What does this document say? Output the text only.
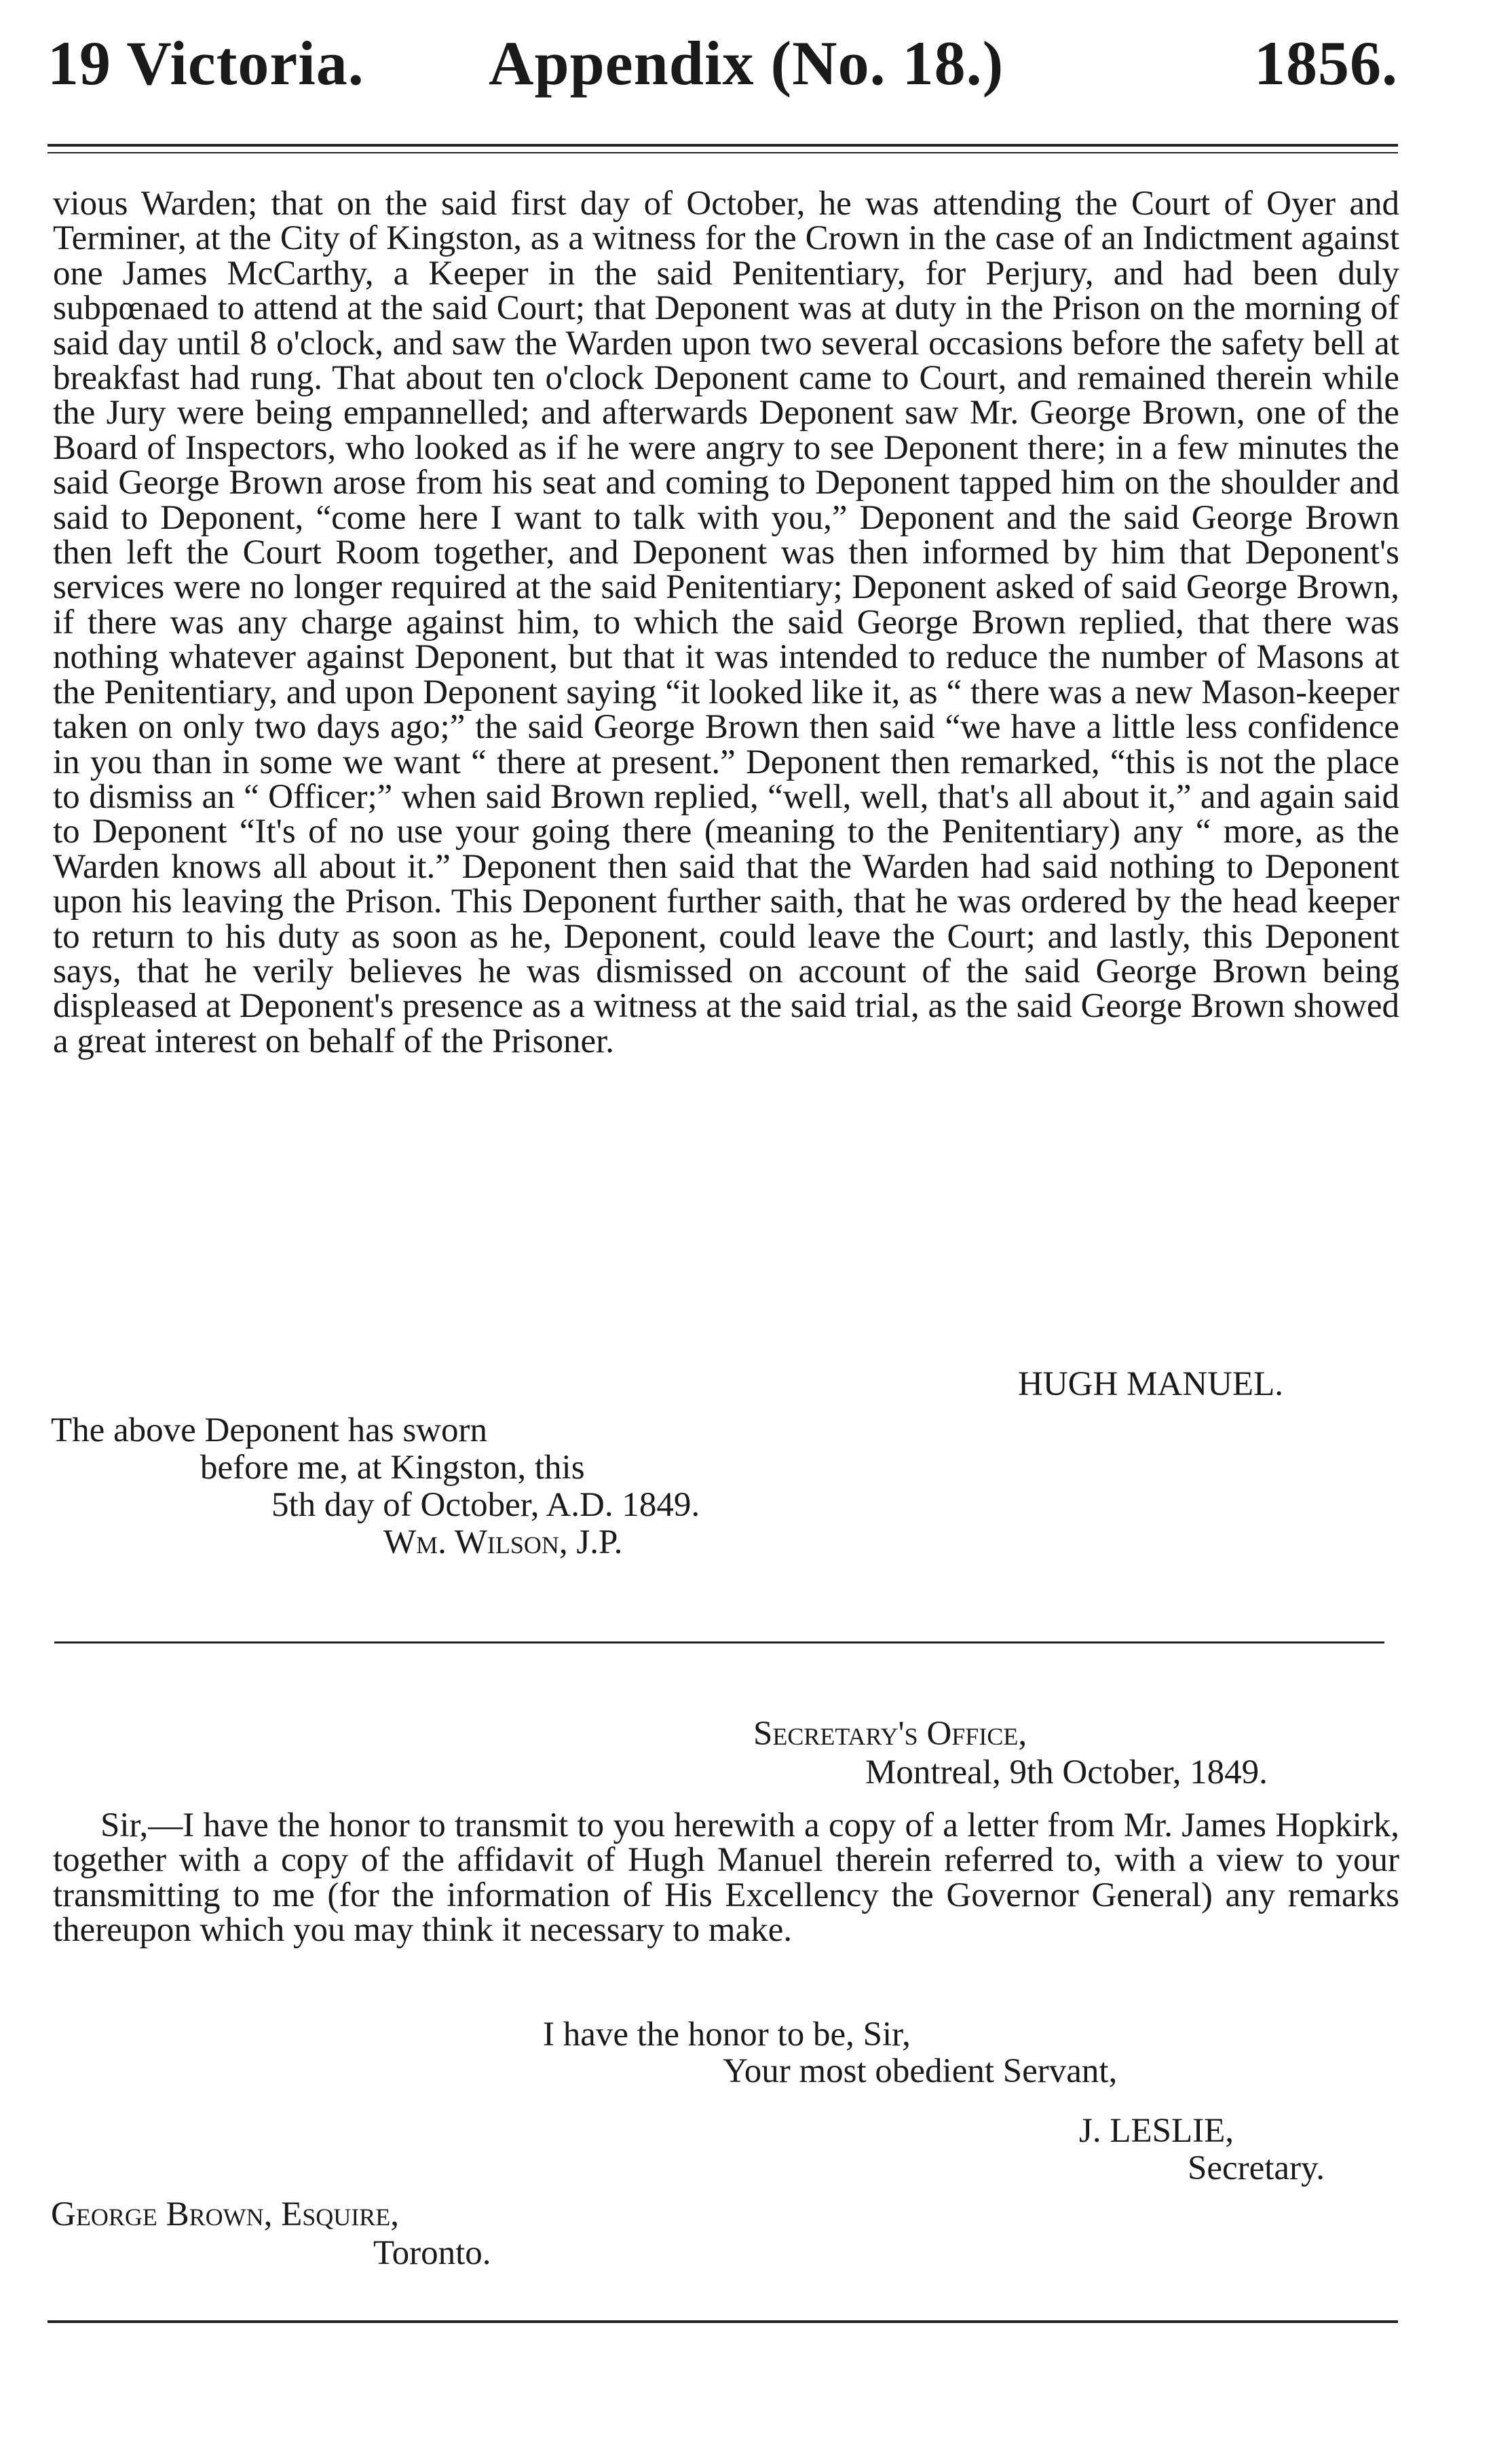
19 Victoria. Appendix (No. 18.)	1856.

vious Warden; that on the said first day of October, he was attending the Court of Oyer and Terminer, at the City of Kingston, as a witness for the Crown in the case of an Indictment against one James McCarthy, a Keeper in the said Penitentiary, for Perjury, and had been duly subpœnaed to attend at the said Court; that Deponent was at duty in the Prison on the morning of said day until 8 o'clock, and saw the Warden upon two several occasions before the safety bell at breakfast had rung. That about ten o'clock Deponent came to Court, and remained therein while the Jury were being empannelled; and afterwards Deponent saw Mr. George Brown, one of the Board of Inspectors, who looked as if he were angry to see Deponent there; in a few minutes the said George Brown arose from his seat and coming to Deponent tapped him on the shoulder and said to Deponent, “come here I want to talk with you,” Deponent and the said George Brown then left the Court Room together, and Deponent was then informed by him that Deponent's services were no longer required at the said Penitentiary; Deponent asked of said George Brown, if there was any charge against him, to which the said George Brown replied, that there was nothing whatever against Deponent, but that it was intended to reduce the number of Masons at the Penitentiary, and upon Deponent saying “it looked like it, as “ there was a new Mason-keeper taken on only two days ago;” the said George Brown then said “we have a little less confidence in you than in some we want “ there at present.” Deponent then remarked, “this is not the place to dismiss an “ Officer;” when said Brown replied, “well, well, that's all about it,” and again said to Deponent “It's of no use your going there (meaning to the Penitentiary) any “ more, as the Warden knows all about it.” Deponent then said that the Warden had said nothing to Deponent upon his leaving the Prison. This Deponent further saith, that he was ordered by the head keeper to return to his duty as soon as he, Deponent, could leave the Court; and lastly, this Deponent says, that he verily believes he was dismissed on account of the said George Brown being displeased at Deponent's presence as a witness at the said trial, as the said George Brown showed a great interest on behalf of the Prisoner.

HUGH MANUEL.
The above Deponent has sworn
before me, at Kingston, this
5th day of October, A.D. 1849.
Wm. Wilson, J.P.
Secretary's Office,
Montreal, 9th October, 1849.

Sir,—I have the honor to transmit to you herewith a copy of a letter from Mr. James Hopkirk, together with a copy of the affidavit of Hugh Manuel therein referred to, with a view to your transmitting to me (for the information of His Excellency the Governor General) any remarks thereupon which you may think it necessary to make.

I have the honor to be, Sir,
Your most obedient Servant,
J. LESLIE,
Secretary.
George Brown, Esquire,
Toronto.
